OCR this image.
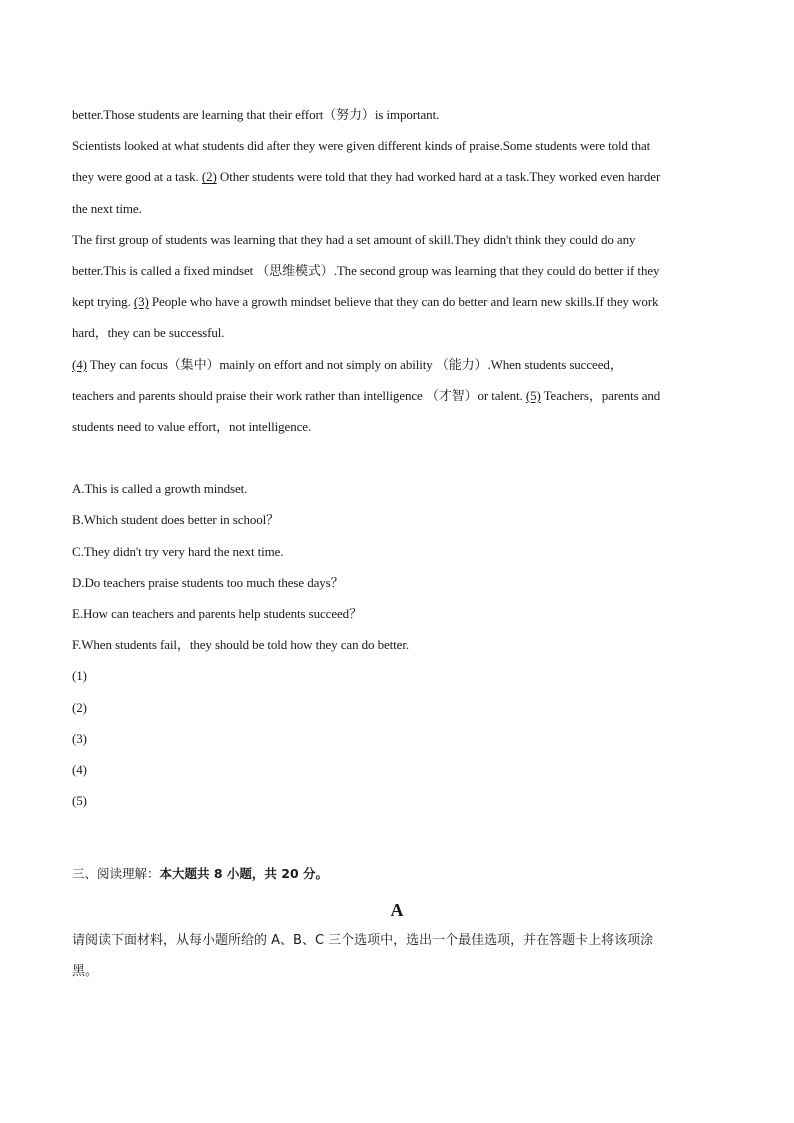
better.Those students are learning that their effort（努力）is important.
Scientists looked at what students did after they were given different kinds of praise.Some students were told that
they were good at a task. (2) Other students were told that they had worked hard at a task.They worked even harder
the next time.
The first group of students was learning that they had a set amount of skill.They didn't think they could do any
better.This is called a fixed mindset （思维模式）.The second group was learning that they could do better if they
kept trying. (3) People who have a growth mindset believe that they can do better and learn new skills.If they work
hard，they can be successful.
(4) They can focus（集中）mainly on effort and not simply on ability （能力）.When students succeed，
teachers and parents should praise their work rather than intelligence （才智）or talent. (5) Teachers，parents and
students need to value effort，not intelligence.
A.This is called a growth mindset.
B.Which student does better in school？
C.They didn't try very hard the next time.
D.Do teachers praise students too much these days？
E.How can teachers and parents help students succeed？
F.When students fail，they should be told how they can do better.
(1)
(2)
(3)
(4)
(5)
三、阅读理解：本大题共 8 小题，共 20 分。
A
请阅读下面材料，从每小题所给的 A、B、C 三个选项中，选出一个最佳选项，并在答题卡上将该项涂
黑。
